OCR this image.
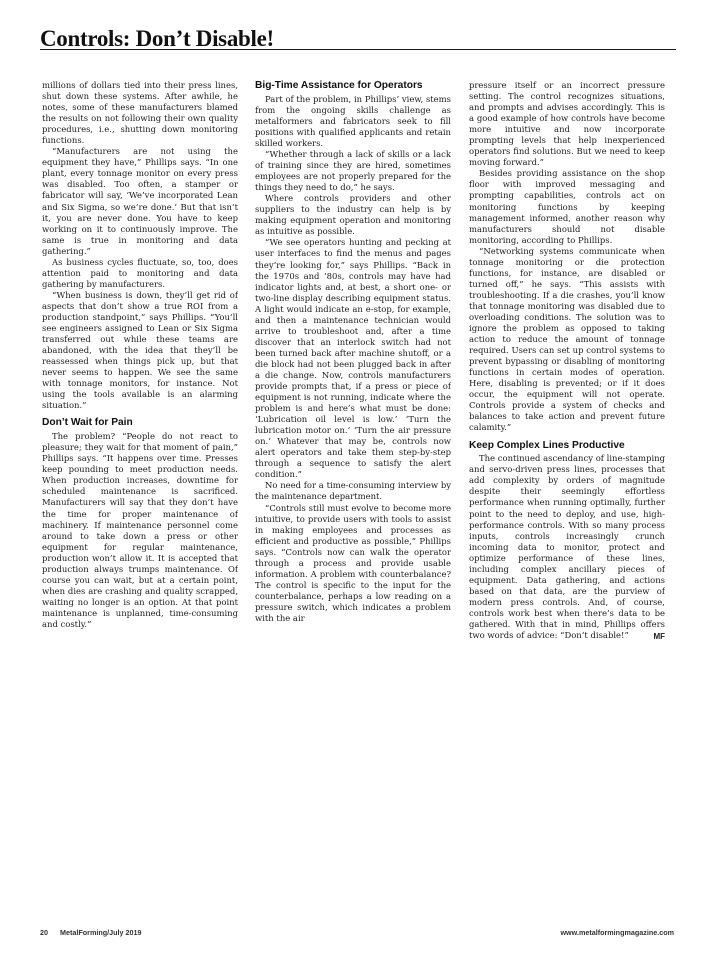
Controls: Don’t Disable!

millions of dollars tied into their press lines, shut down these systems. After awhile, he notes, some of these manufacturers blamed the results on not following their own quality procedures, i.e., shutting down monitoring functions.

“Manufacturers are not using the equipment they have,” Phillips says. “In one plant, every tonnage monitor on every press was disabled. Too often, a stamper or fabricator will say, ‘We’ve incorporated Lean and Six Sigma, so we’re done.’ But that isn’t it, you are never done. You have to keep working on it to continuously improve. The same is true in monitoring and data gathering.”

As business cycles fluctuate, so, too, does attention paid to monitoring and data gathering by manufacturers.

“When business is down, they’ll get rid of aspects that don’t show a true ROI from a production standpoint,” says Phillips. “You’ll see engineers assigned to Lean or Six Sigma transferred out while these teams are abandoned, with the idea that they’ll be reassessed when things pick up, but that never seems to happen. We see the same with tonnage monitors, for instance. Not using the tools available is an alarming situation.”

Don’t Wait for Pain

The problem? “People do not react to pleasure; they wait for that moment of pain,” Phillips says. “It happens over time. Presses keep pounding to meet production needs. When production increases, downtime for scheduled maintenance is sacrificed. Manufacturers will say that they don’t have the time for proper maintenance of machinery. If maintenance personnel come around to take down a press or other equipment for regular maintenance, production won’t allow it. It is accepted that production always trumps maintenance. Of course you can wait, but at a certain point, when dies are crashing and quality scrapped, waiting no longer is an option. At that point maintenance is unplanned, time-consuming and costly.”

Big-Time Assistance for Operators

Part of the problem, in Phillips’ view, stems from the ongoing skills challenge as metalformers and fabricators seek to fill positions with qualified applicants and retain skilled workers.

“Whether through a lack of skills or a lack of training since they are hired, sometimes employees are not properly prepared for the things they need to do,” he says.

Where controls providers and other suppliers to the industry can help is by making equipment operation and monitoring as intuitive as possible.

“We see operators hunting and pecking at user interfaces to find the menus and pages they’re looking for,” says Phillips. “Back in the 1970s and ’80s, controls may have had indicator lights and, at best, a short one- or two-line display describing equipment status. A light would indicate an e-stop, for example, and then a maintenance technician would arrive to troubleshoot and, after a time discover that an interlock switch had not been turned back after machine shutoff, or a die block had not been plugged back in after a die change. Now, controls manufacturers provide prompts that, if a press or piece of equipment is not running, indicate where the problem is and here’s what must be done: ‘Lubrication oil level is low.’ ‘Turn the lubrication motor on.’ ‘Turn the air pressure on.’ Whatever that may be, controls now alert operators and take them step-by-step through a sequence to satisfy the alert condition.”

No need for a time-consuming interview by the maintenance department.

“Controls still must evolve to become more intuitive, to provide users with tools to assist in making employees and processes as efficient and productive as possible,” Phillips says. “Controls now can walk the operator through a process and provide usable information. A problem with counterbalance? The control is specific to the input for the counterbalance, perhaps a low reading on a pressure switch, which indicates a problem with the air

pressure itself or an incorrect pressure setting. The control recognizes situations, and prompts and advises accordingly. This is a good example of how controls have become more intuitive and now incorporate prompting levels that help inexperienced operators find solutions. But we need to keep moving forward.”

Besides providing assistance on the shop floor with improved messaging and prompting capabilities, controls act on monitoring functions by keeping management informed, another reason why manufacturers should not disable monitoring, according to Phillips.

“Networking systems communicate when tonnage monitoring or die protection functions, for instance, are disabled or turned off,” he says. “This assists with troubleshooting. If a die crashes, you’ll know that tonnage monitoring was disabled due to overloading conditions. The solution was to ignore the problem as opposed to taking action to reduce the amount of tonnage required. Users can set up control systems to prevent bypassing or disabling of monitoring functions in certain modes of operation. Here, disabling is prevented; or if it does occur, the equipment will not operate. Controls provide a system of checks and balances to take action and prevent future calamity.”

Keep Complex Lines Productive

The continued ascendancy of line-stamping and servo-driven press lines, processes that add complexity by orders of magnitude despite their seemingly effortless performance when running optimally, further point to the need to deploy, and use, high-performance controls. With so many process inputs, controls increasingly crunch incoming data to monitor, protect and optimize performance of these lines, including complex ancillary pieces of equipment. Data gathering, and actions based on that data, are the purview of modern press controls. And, of course, controls work best when there’s data to be gathered. With that in mind, Phillips offers two words of advice: “Don’t disable!”	MF

20 MetalForming/July 2019	www.metalformingmagazine.com
